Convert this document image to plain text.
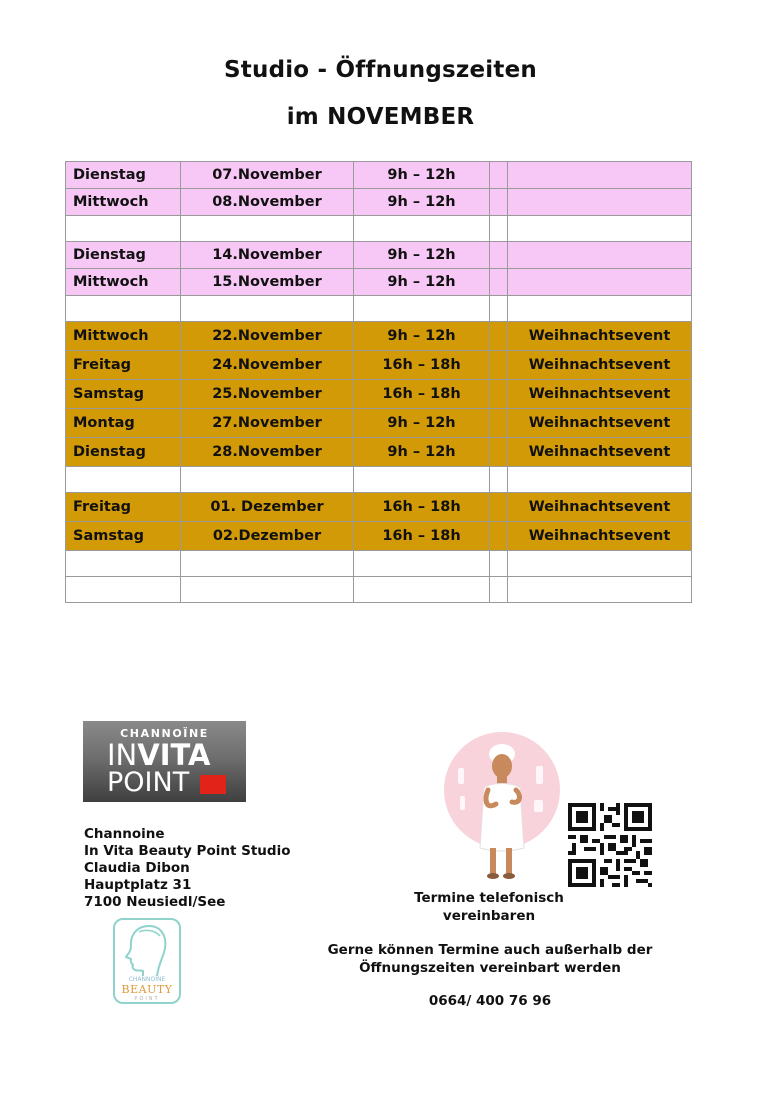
Studio - Öffnungszeiten
im NOVEMBER
Dienstag	07.November	9h – 12h		
Mittwoch	08.November	9h – 12h		

Dienstag	14.November	9h – 12h		
Mittwoch	15.November	9h – 12h		

Mittwoch	22.November	9h – 12h		Weihnachtsevent
Freitag	24.November	16h – 18h		Weihnachtsevent
Samstag	25.November	16h – 18h		Weihnachtsevent
Montag	27.November	9h – 12h		Weihnachtsevent
Dienstag	28.November	9h – 12h		Weihnachtsevent

Freitag	01. Dezember	16h – 18h		Weihnachtsevent
Samstag	02.Dezember	16h – 18h		Weihnachtsevent

CHANNOÏNE
INVITA
POINT
Channoine
In Vita Beauty Point Studio
Claudia Dibon
Hauptplatz 31
7100 Neusiedl/See
CHANNOÏNE
BEAUTY
POINT
Termine telefonisch
vereinbaren
Gerne können Termine auch außerhalb der
Öffnungszeiten vereinbart werden
0664/ 400 76 96
